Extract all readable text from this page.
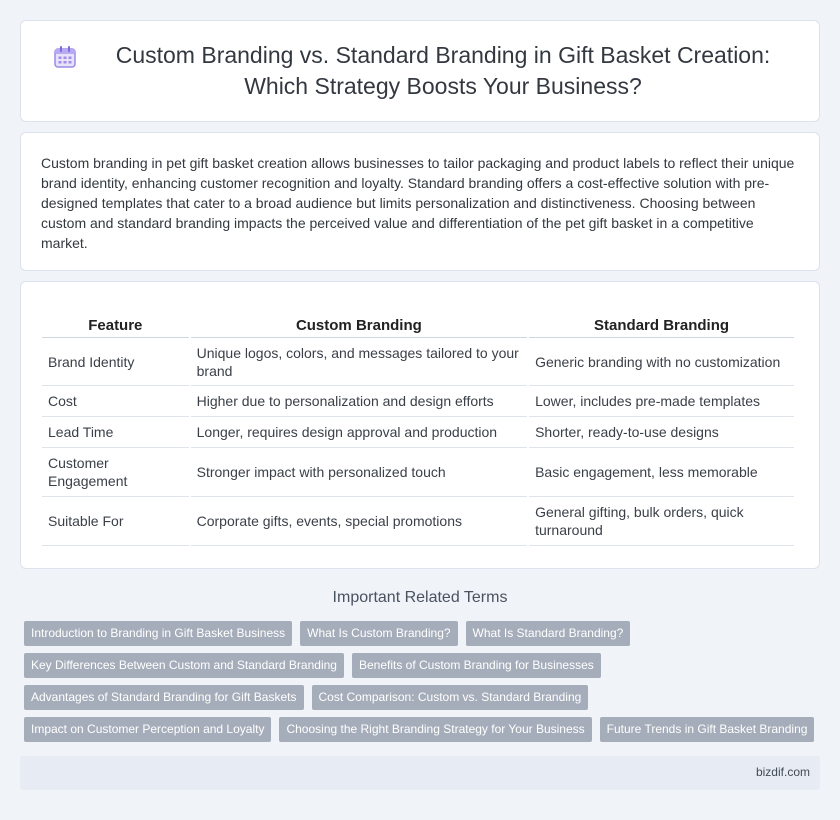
Custom Branding vs. Standard Branding in Gift Basket Creation: Which Strategy Boosts Your Business?

Custom branding in pet gift basket creation allows businesses to tailor packaging and product labels to reflect their unique brand identity, enhancing customer recognition and loyalty. Standard branding offers a cost-effective solution with pre-designed templates that cater to a broad audience but limits personalization and distinctiveness. Choosing between custom and standard branding impacts the perceived value and differentiation of the pet gift basket in a competitive market.

Feature	Custom Branding	Standard Branding
Brand Identity	Unique logos, colors, and messages tailored to your brand	Generic branding with no customization
Cost	Higher due to personalization and design efforts	Lower, includes pre-made templates
Lead Time	Longer, requires design approval and production	Shorter, ready-to-use designs
Customer Engagement	Stronger impact with personalized touch	Basic engagement, less memorable
Suitable For	Corporate gifts, events, special promotions	General gifting, bulk orders, quick turnaround
Important Related Terms
Introduction to Branding in Gift Basket Business	What Is Custom Branding?	What Is Standard Branding?
Key Differences Between Custom and Standard Branding	Benefits of Custom Branding for Businesses
Advantages of Standard Branding for Gift Baskets	Cost Comparison: Custom vs. Standard Branding
Impact on Customer Perception and Loyalty	Choosing the Right Branding Strategy for Your Business	Future Trends in Gift Basket Branding
bizdif.com
